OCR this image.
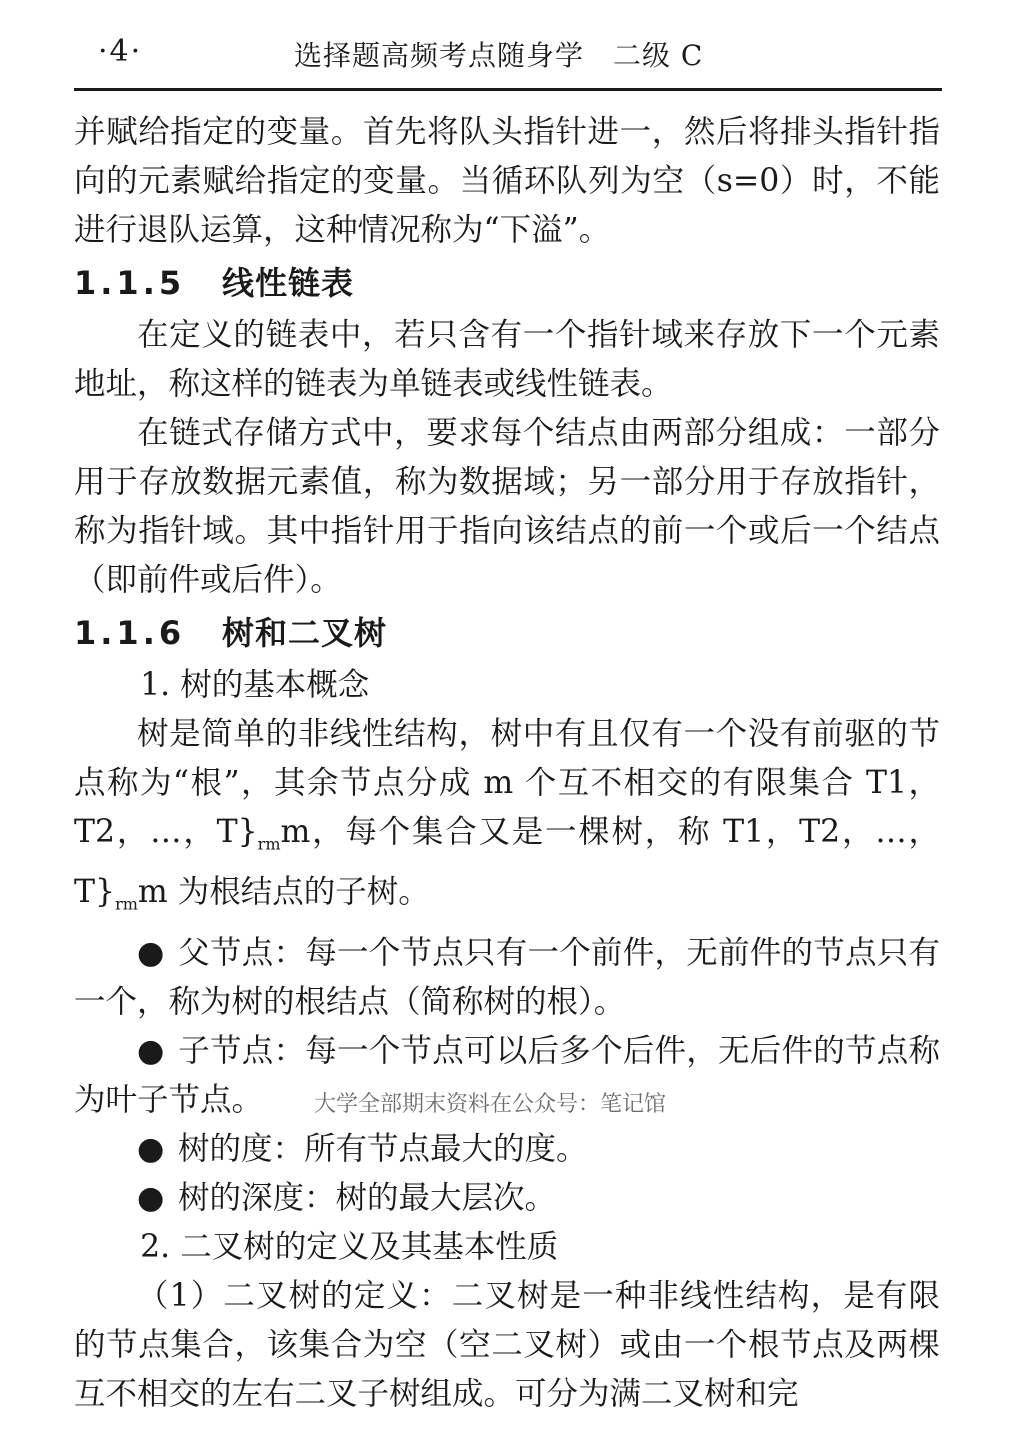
·4·	选择题高频考点随身学　二级 C

并赋给指定的变量。首先将队头指针进一，然后将排头指针指向的元素赋给指定的变量。当循环队列为空（s=0）时，不能进行退队运算，这种情况称为“下溢”。

1.1.5 线性链表

在定义的链表中，若只含有一个指针域来存放下一个元素地址，称这样的链表为单链表或线性链表。

在链式存储方式中，要求每个结点由两部分组成：一部分用于存放数据元素值，称为数据域；另一部分用于存放指针，称为指针域。其中指针用于指向该结点的前一个或后一个结点（即前件或后件）。

1.1.6 树和二叉树

1. 树的基本概念

树是简单的非线性结构，树中有且仅有一个没有前驱的节点称为“根”，其余节点分成 m 个互不相交的有限集合 T1，T2，…，$T\}_{rm}m$，每个集合又是一棵树，称 T1，T2，…，$T\}_{rm}m$ 为根结点的子树。

● 父节点：每一个节点只有一个前件，无前件的节点只有一个，称为树的根结点（简称树的根）。

● 子节点：每一个节点可以后多个后件，无后件的节点称为叶子节点。

● 树的度：所有节点最大的度。

● 树的深度：树的最大层次。

2. 二叉树的定义及其基本性质

（1）二叉树的定义：二叉树是一种非线性结构，是有限的节点集合，该集合为空（空二叉树）或由一个根节点及两棵互不相交的左右二叉子树组成。可分为满二叉树和完

大学全部期末资料在公众号：笔记馆
